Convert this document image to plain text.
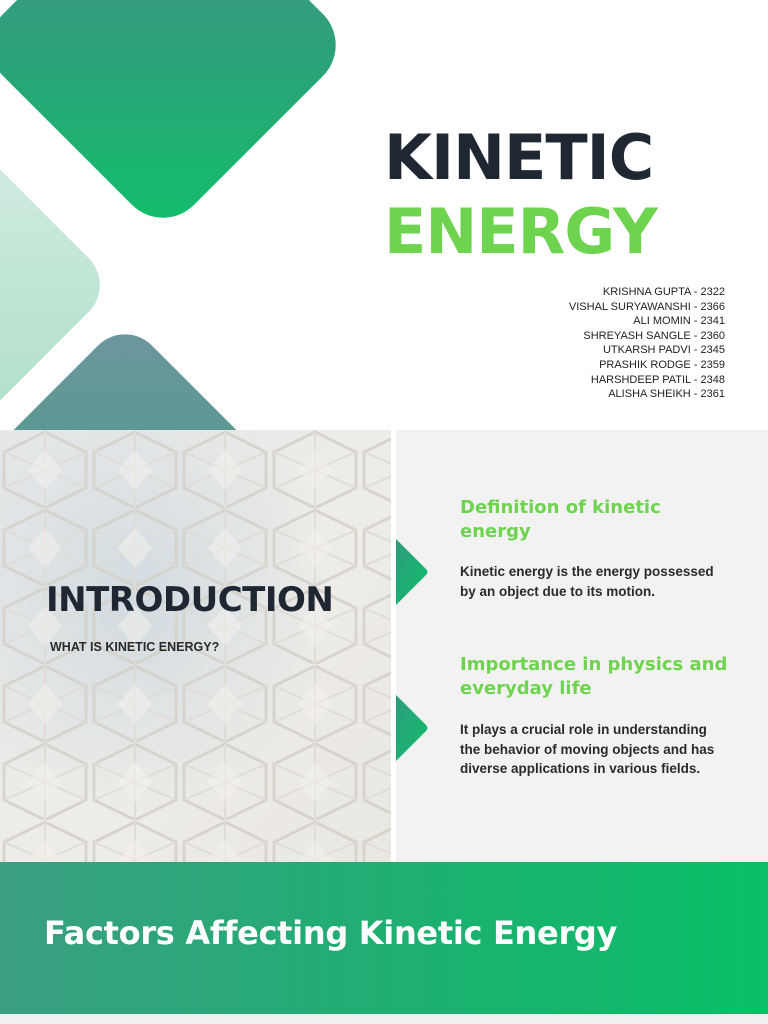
KINETIC
ENERGY
KRISHNA GUPTA - 2322
VISHAL SURYAWANSHI - 2366
ALI MOMIN - 2341
SHREYASH SANGLE - 2360
UTKARSH PADVI - 2345
PRASHIK RODGE - 2359
HARSHDEEP PATIL - 2348
ALISHA SHEIKH - 2361
INTRODUCTION
WHAT IS KINETIC ENERGY?
Definition of kinetic energy
Kinetic energy is the energy possessed by an object due to its motion.
Importance in physics and everyday life
It plays a crucial role in understanding the behavior of moving objects and has diverse applications in various fields.
Factors Affecting Kinetic Energy
